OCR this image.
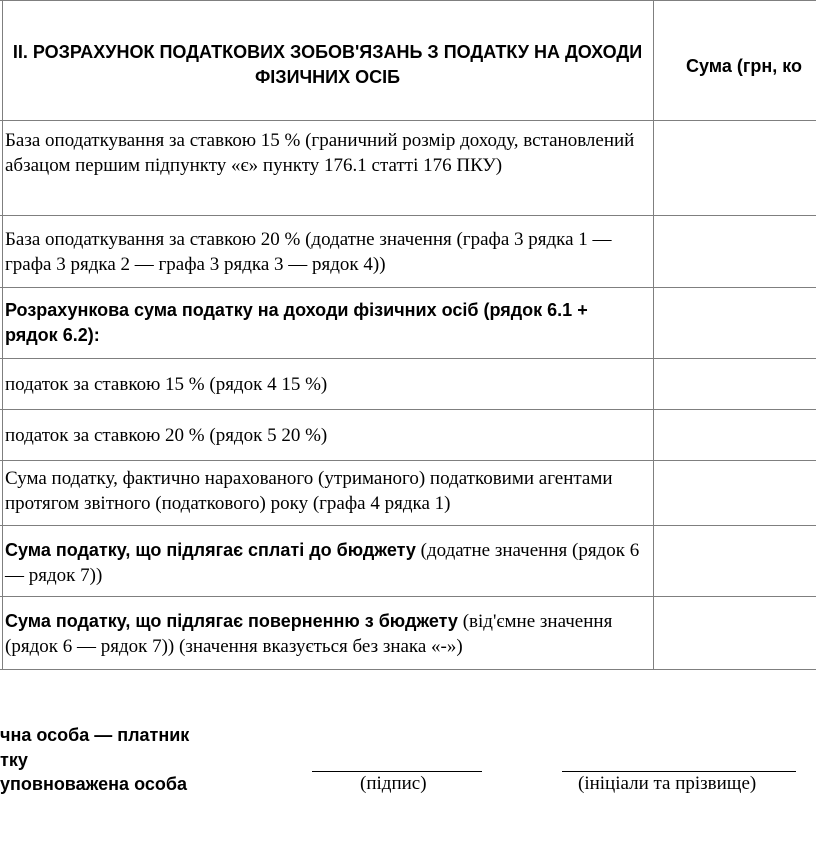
ІІ. РОЗРАХУНОК ПОДАТКОВИХ ЗОБОВ'ЯЗАНЬ З ПОДАТКУ НА ДОХОДИ ФІЗИЧНИХ ОСІБ
Сума (грн, ко
База оподаткування за ставкою 15 % (граничний розмір доходу, встановлений абзацом першим підпункту «є» пункту 176.1 статті 176 ПКУ)
База оподаткування за ставкою 20 % (додатне значення (графа 3 рядка 1 — графа 3 рядка 2 — графа 3 рядка 3 — рядок 4))
Розрахункова сума податку на доходи фізичних осіб (рядок 6.1 + рядок 6.2):
податок за ставкою 15 % (рядок 4 15 %)
податок за ставкою 20 % (рядок 5 20 %)
Сума податку, фактично нарахованого (утриманого) податковими агентами протягом звітного (податкового) року (графа 4 рядка 1)
Сума податку, що підлягає сплаті до бюджету (додатне значення (рядок 6 — рядок 7))
Сума податку, що підлягає поверненню з бюджету (від'ємне значення (рядок 6 — рядок 7)) (значення вказується без знака «-»)
чна особа — платник
тку
уповноважена особа	(підпис)	(ініціали та прізвище)
